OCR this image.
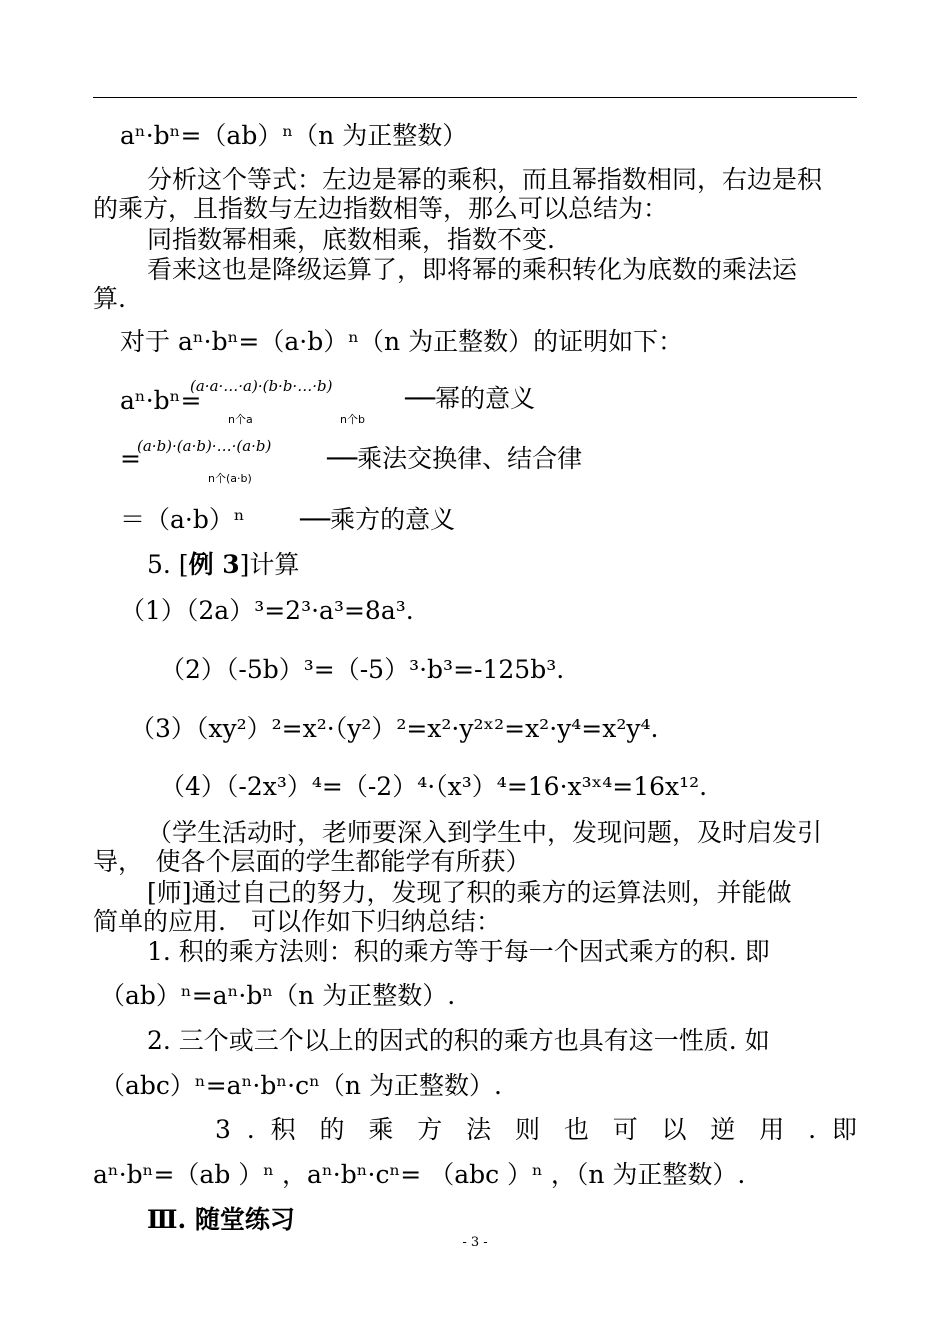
aⁿ·bⁿ=（ab）ⁿ（n 为正整数）
分析这个等式：左边是幂的乘积，而且幂指数相同，右边是积
的乘方，且指数与左边指数相等，那么可以总结为：
同指数幂相乘，底数相乘，指数不变.
看来这也是降级运算了，即将幂的乘积转化为底数的乘法运
算.
对于 aⁿ·bⁿ=（a·b）ⁿ（n 为正整数）的证明如下：
aⁿ·bⁿ=
(a·a·…·a)·(b·b·…·b)
n个a	n个b
──幂的意义
=
(a·b)·(a·b)·…·(a·b)
n个(a·b)
──乘法交换律、结合律
＝（a·b）ⁿ ──乘方的意义
5. [例 3]计算
（1）（2a）³=2³·a³=8a³.
（2）（-5b）³=（-5）³·b³=-125b³.
（3）（xy²）²=x²·（y²）²=x²·y²ˣ²=x²·y⁴=x²y⁴.
（4）（-2x³）⁴=（-2）⁴·（x³）⁴=16·x³ˣ⁴=16x¹².
（学生活动时，老师要深入到学生中，发现问题，及时启发引
导，　使各个层面的学生都能学有所获）
[师]通过自己的努力，发现了积的乘方的运算法则，并能做
简单的应用.　可以作如下归纳总结：
1. 积的乘方法则：积的乘方等于每一个因式乘方的积. 即
（ab）ⁿ=aⁿ·bⁿ（n 为正整数）.
2. 三个或三个以上的因式的积的乘方也具有这一性质. 如
（abc）ⁿ=aⁿ·bⁿ·cⁿ（n 为正整数）.
3 . 积 的 乘 方 法 则 也 可 以 逆 用 . 即
aⁿ·bⁿ=（ab ）ⁿ ，aⁿ·bⁿ·cⁿ= （abc ）ⁿ ，（n 为正整数）.
Ⅲ. 随堂练习
- 3 -
